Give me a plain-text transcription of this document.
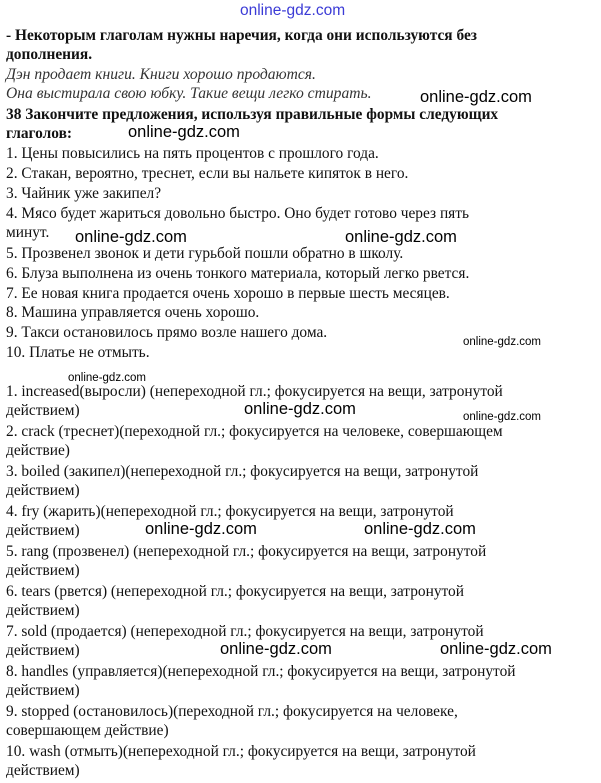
- Некоторым глаголам нужны наречия, когда они используются без
дополнения.
Дэн продает книги. Книги хорошо продаются.
Она выстирала свою юбку. Такие вещи легко стирать.
38 Закончите предложения, используя правильные формы следующих
глаголов:
1. Цены повысились на пять процентов с прошлого года.
2. Стакан, вероятно, треснет, если вы нальете кипяток в него.
3. Чайник уже закипел?
4. Мясо будет жариться довольно быстро. Оно будет готово через пять
минут.
5. Прозвенел звонок и дети гурьбой пошли обратно в школу.
6. Блуза выполнена из очень тонкого материала, который легко рвется.
7. Ее новая книга продается очень хорошо в первые шесть месяцев.
8. Машина управляется очень хорошо.
9. Такси остановилось прямо возле нашего дома.
10. Платье не отмыть.
1. increased(выросли) (непереходной гл.; фокусируется на вещи, затронутой
действием)
2. crack (треснет)(переходной гл.; фокусируется на человеке, совершающем
действие)
3. boiled (закипел)(непереходной гл.; фокусируется на вещи, затронутой
действием)
4. fry (жарить)(непереходной гл.; фокусируется на вещи, затронутой
действием)
5. rang (прозвенел) (непереходной гл.; фокусируется на вещи, затронутой
действием)
6. tears (рвется) (непереходной гл.; фокусируется на вещи, затронутой
действием)
7. sold (продается) (непереходной гл.; фокусируется на вещи, затронутой
действием)
8. handles (управляется)(непереходной гл.; фокусируется на вещи, затронутой
действием)
9. stopped (остановилось)(переходной гл.; фокусируется на человеке,
совершающем действие)
10. wash (отмыть)(непереходной гл.; фокусируется на вещи, затронутой
действием)
online-gdz.com
online-gdz.com
online-gdz.com
online-gdz.com	online-gdz.com
online-gdz.com
online-gdz.com
online-gdz.com	online-gdz.com
online-gdz.com	online-gdz.com
online-gdz.com	online-gdz.com
